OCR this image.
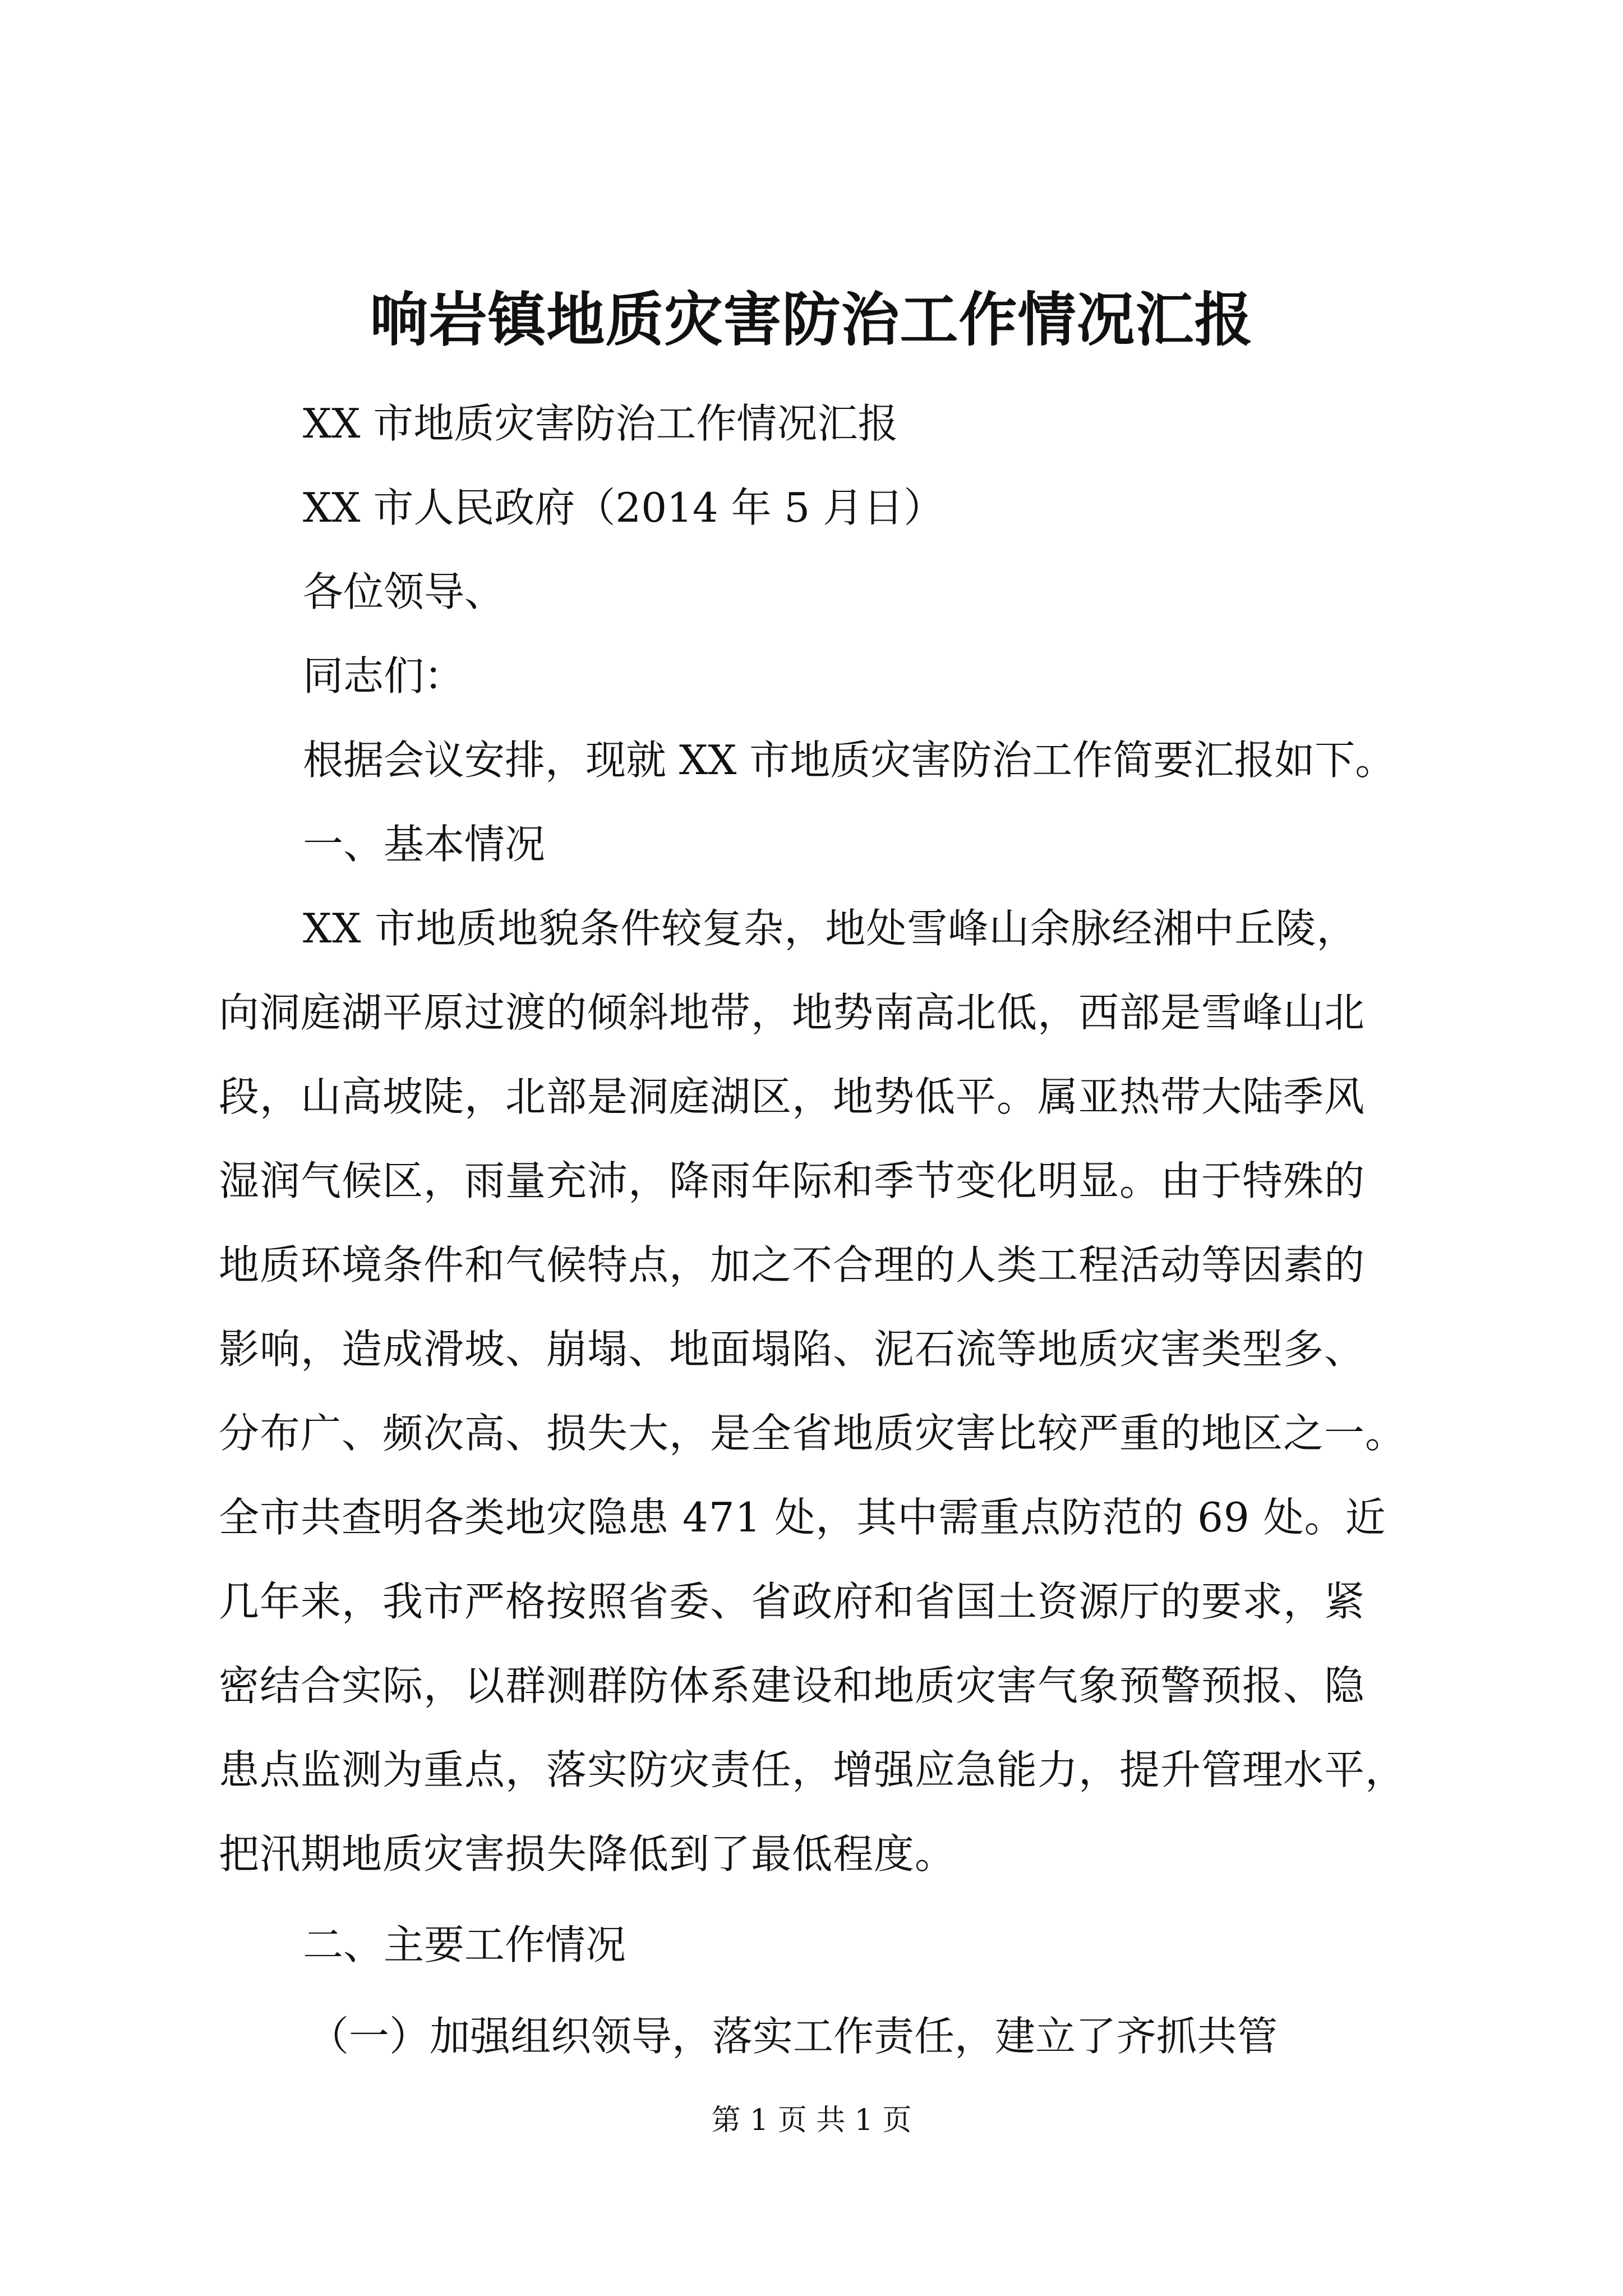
响岩镇地质灾害防治工作情况汇报
XX 市地质灾害防治工作情况汇报
XX 市人民政府（2014 年 5 月日）
各位领导、
同志们：
根据会议安排，现就 XX 市地质灾害防治工作简要汇报如下。
一、基本情况
XX 市地质地貌条件较复杂，地处雪峰山余脉经湘中丘陵，
向洞庭湖平原过渡的倾斜地带，地势南高北低，西部是雪峰山北
段，山高坡陡，北部是洞庭湖区，地势低平。属亚热带大陆季风
湿润气候区，雨量充沛，降雨年际和季节变化明显。由于特殊的
地质环境条件和气候特点，加之不合理的人类工程活动等因素的
影响，造成滑坡、崩塌、地面塌陷、泥石流等地质灾害类型多、
分布广、频次高、损失大，是全省地质灾害比较严重的地区之一。
全市共查明各类地灾隐患 471 处，其中需重点防范的 69 处。近
几年来，我市严格按照省委、省政府和省国土资源厅的要求，紧
密结合实际，以群测群防体系建设和地质灾害气象预警预报、隐
患点监测为重点，落实防灾责任，增强应急能力，提升管理水平，
把汛期地质灾害损失降低到了最低程度。
二、主要工作情况
（一）加强组织领导，落实工作责任，建立了齐抓共管
第 1 页 共 1 页
